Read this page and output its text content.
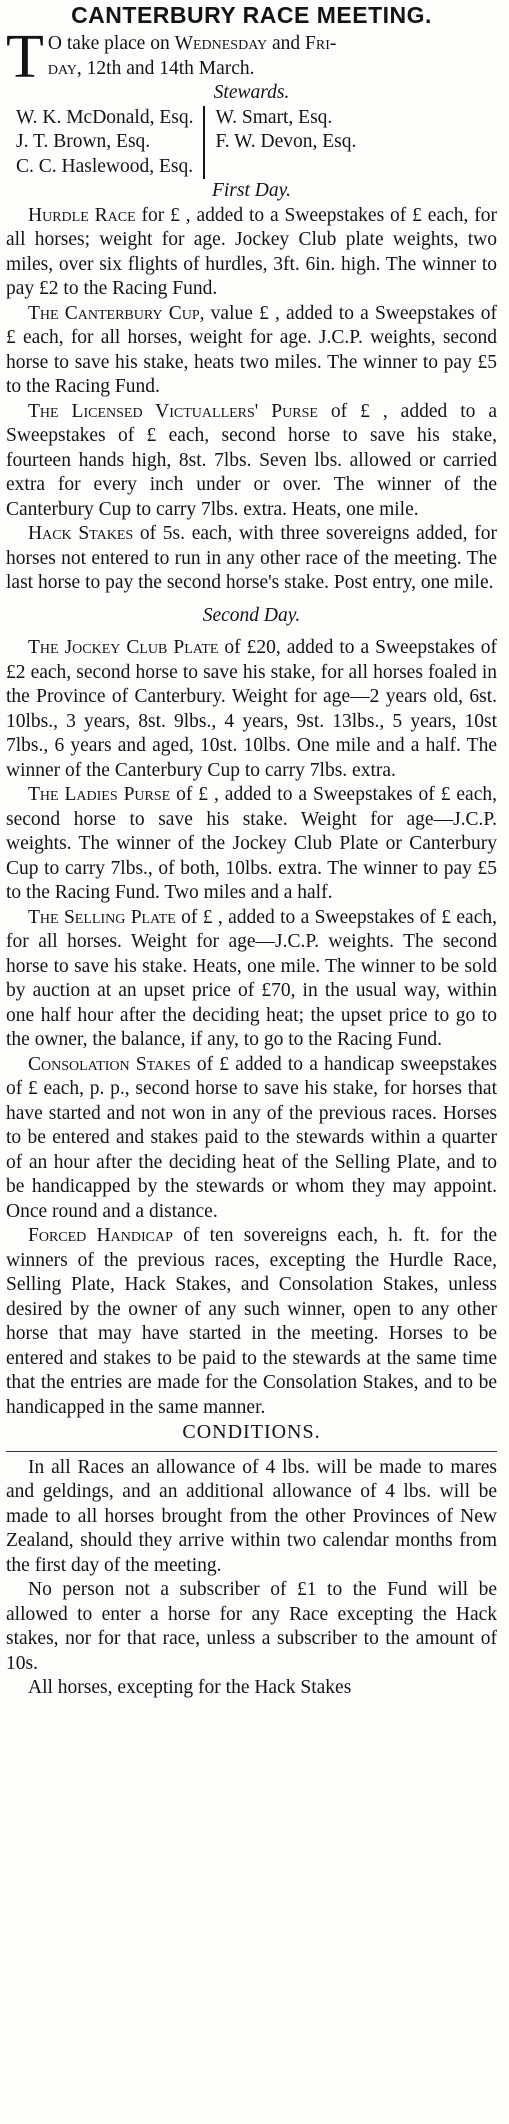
CANTERBURY RACE MEETING.

T O take place on Wednesday and Fri-
day, 12th and 14th March.

Stewards.

W. K. McDonald, Esq.
J. T. Brown, Esq.
C. C. Haslewood, Esq.
W. Smart, Esq.
F. W. Devon, Esq.

First Day.

Hurdle Race for £ , added to a Sweepstakes of £ each, for all horses; weight for age. Jockey Club plate weights, two miles, over six flights of hurdles, 3ft. 6in. high. The winner to pay £2 to the Racing Fund.

The Canterbury Cup, value £ , added to a Sweepstakes of £ each, for all horses, weight for age. J.C.P. weights, second horse to save his stake, heats two miles. The winner to pay £5 to the Racing Fund.

The Licensed Victuallers' Purse of £ , added to a Sweepstakes of £ each, second horse to save his stake, fourteen hands high, 8st. 7lbs. Seven lbs. allowed or carried extra for every inch under or over. The winner of the Canterbury Cup to carry 7lbs. extra. Heats, one mile.

Hack Stakes of 5s. each, with three sovereigns added, for horses not entered to run in any other race of the meeting. The last horse to pay the second horse's stake. Post entry, one mile.

Second Day.

The Jockey Club Plate of £20, added to a Sweepstakes of £2 each, second horse to save his stake, for all horses foaled in the Province of Canterbury. Weight for age—2 years old, 6st. 10lbs., 3 years, 8st. 9lbs., 4 years, 9st. 13lbs., 5 years, 10st 7lbs., 6 years and aged, 10st. 10lbs. One mile and a half. The winner of the Canterbury Cup to carry 7lbs. extra.

The Ladies Purse of £ , added to a Sweepstakes of £ each, second horse to save his stake. Weight for age—J.C.P. weights. The winner of the Jockey Club Plate or Canterbury Cup to carry 7lbs., of both, 10lbs. extra. The winner to pay £5 to the Racing Fund. Two miles and a half.

The Selling Plate of £ , added to a Sweepstakes of £ each, for all horses. Weight for age—J.C.P. weights. The second horse to save his stake. Heats, one mile. The winner to be sold by auction at an upset price of £70, in the usual way, within one half hour after the deciding heat; the upset price to go to the owner, the balance, if any, to go to the Racing Fund.

Consolation Stakes of £ added to a handicap sweepstakes of £ each, p. p., second horse to save his stake, for horses that have started and not won in any of the previous races. Horses to be entered and stakes paid to the stewards within a quarter of an hour after the deciding heat of the Selling Plate, and to be handicapped by the stewards or whom they may appoint. Once round and a distance.

Forced Handicap of ten sovereigns each, h. ft. for the winners of the previous races, excepting the Hurdle Race, Selling Plate, Hack Stakes, and Consolation Stakes, unless desired by the owner of any such winner, open to any other horse that may have started in the meeting. Horses to be entered and stakes to be paid to the stewards at the same time that the entries are made for the Consolation Stakes, and to be handicapped in the same manner.

CONDITIONS.

In all Races an allowance of 4 lbs. will be made to mares and geldings, and an additional allowance of 4 lbs. will be made to all horses brought from the other Provinces of New Zealand, should they arrive within two calendar months from the first day of the meeting.

No person not a subscriber of £1 to the Fund will be allowed to enter a horse for any Race excepting the Hack stakes, nor for that race, unless a subscriber to the amount of 10s.

All horses, excepting for the Hack Stakes
